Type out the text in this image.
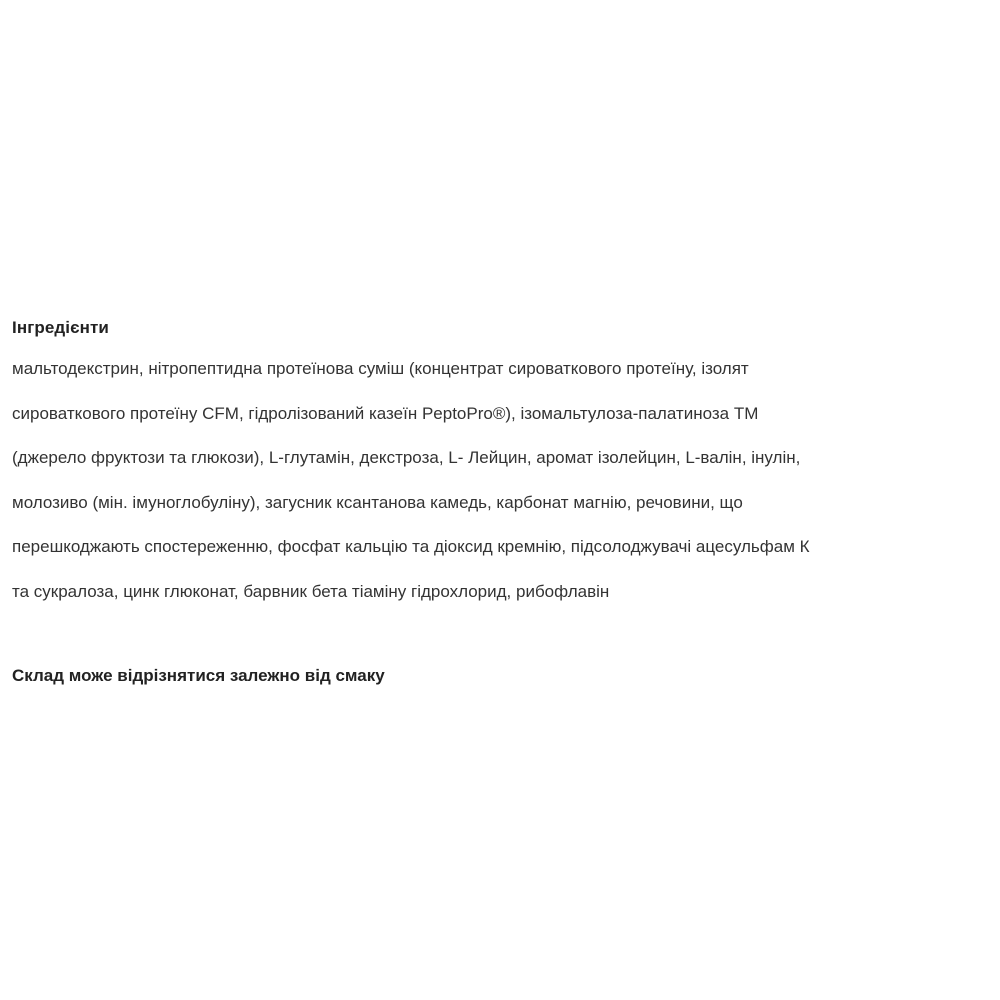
Інгредієнти

мальтодекстрин, нітропептидна протеїнова суміш (концентрат сироваткового протеїну, ізолят

сироваткового протеїну CFM, гідролізований казеїн PeptoPro®), ізомальтулоза-палатиноза ТМ

(джерело фруктози та глюкози), L-глутамін, декстроза, L- Лейцин, аромат ізолейцин, L-валін, інулін,

молозиво (мін. імуноглобуліну), загусник ксантанова камедь, карбонат магнію, речовини, що

перешкоджають спостереженню, фосфат кальцію та діоксид кремнію, підсолоджувачі ацесульфам К

та сукралоза, цинк глюконат, барвник бета тіаміну гідрохлорид, рибофлавін

Склад може відрізнятися залежно від смаку
